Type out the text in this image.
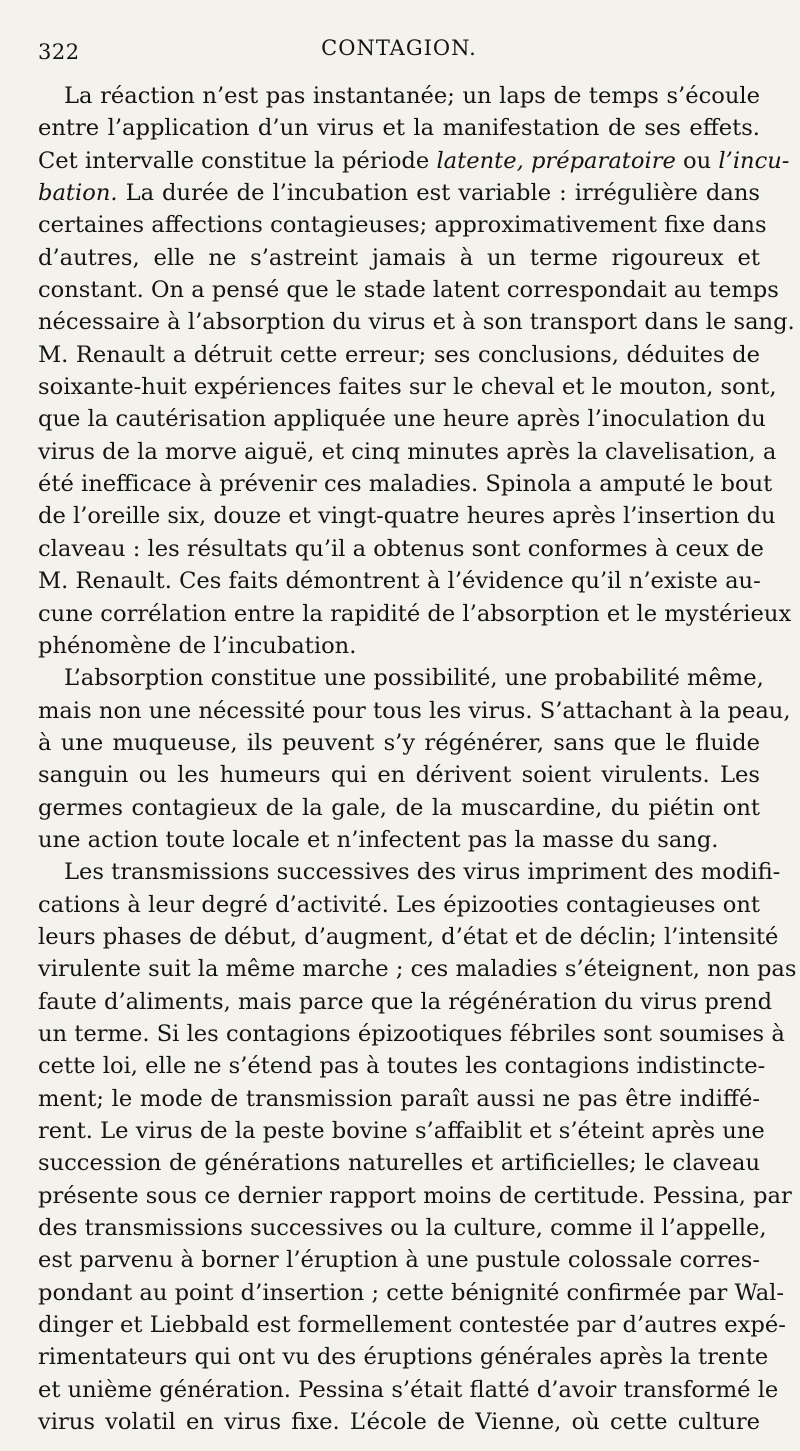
322	CONTAGION.

La réaction n’est pas instantanée; un laps de temps s’écoule
entre l’application d’un virus et la manifestation de ses effets.
Cet intervalle constitue la période latente, préparatoire ou l’incu-
bation. La durée de l’incubation est variable : irrégulière dans
certaines affections contagieuses; approximativement fixe dans
d’autres, elle ne s’astreint jamais à un terme rigoureux et
constant. On a pensé que le stade latent correspondait au temps
nécessaire à l’absorption du virus et à son transport dans le sang.
M. Renault a détruit cette erreur; ses conclusions, déduites de
soixante-huit expériences faites sur le cheval et le mouton, sont,
que la cautérisation appliquée une heure après l’inoculation du
virus de la morve aiguë, et cinq minutes après la clavelisation, a
été inefficace à prévenir ces maladies. Spinola a amputé le bout
de l’oreille six, douze et vingt-quatre heures après l’insertion du
claveau : les résultats qu’il a obtenus sont conformes à ceux de
M. Renault. Ces faits démontrent à l’évidence qu’il n’existe au-
cune corrélation entre la rapidité de l’absorption et le mystérieux
phénomène de l’incubation.

L’absorption constitue une possibilité, une probabilité même,
mais non une nécessité pour tous les virus. S’attachant à la peau,
à une muqueuse, ils peuvent s’y régénérer, sans que le fluide
sanguin ou les humeurs qui en dérivent soient virulents. Les
germes contagieux de la gale, de la muscardine, du piétin ont
une action toute locale et n’infectent pas la masse du sang.

Les transmissions successives des virus impriment des modifi-
cations à leur degré d’activité. Les épizooties contagieuses ont
leurs phases de début, d’augment, d’état et de déclin; l’intensité
virulente suit la même marche ; ces maladies s’éteignent, non pas
faute d’aliments, mais parce que la régénération du virus prend
un terme. Si les contagions épizootiques fébriles sont soumises à
cette loi, elle ne s’étend pas à toutes les contagions indistincte-
ment; le mode de transmission paraît aussi ne pas être indiffé-
rent. Le virus de la peste bovine s’affaiblit et s’éteint après une
succession de générations naturelles et artificielles; le claveau
présente sous ce dernier rapport moins de certitude. Pessina, par
des transmissions successives ou la culture, comme il l’appelle,
est parvenu à borner l’éruption à une pustule colossale corres-
pondant au point d’insertion ; cette bénignité confirmée par Wal-
dinger et Liebbald est formellement contestée par d’autres expé-
rimentateurs qui ont vu des éruptions générales après la trente
et unième génération. Pessina s’était flatté d’avoir transformé le
virus volatil en virus fixe. L’école de Vienne, où cette culture
